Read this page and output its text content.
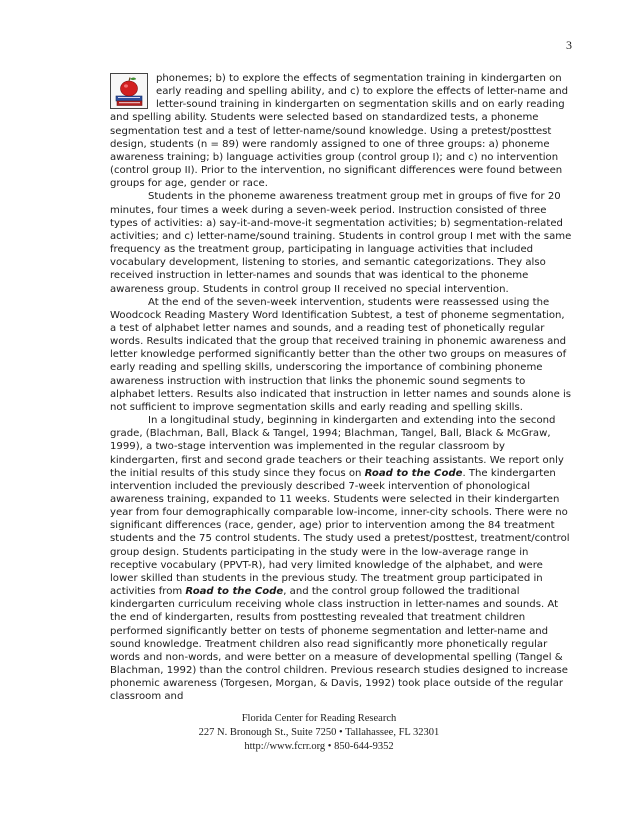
3

phonemes; b) to explore the effects of segmentation training in kindergarten on early reading and spelling ability, and c) to explore the effects of letter-name and letter-sound training in kindergarten on segmentation skills and on early reading and spelling ability. Students were selected based on standardized tests, a phoneme segmentation test and a test of letter-name/sound knowledge. Using a pretest/posttest design, students (n = 89) were randomly assigned to one of three groups: a) phoneme awareness training; b) language activities group (control group I); and c) no intervention (control group II). Prior to the intervention, no significant differences were found between groups for age, gender or race.

Students in the phoneme awareness treatment group met in groups of five for 20 minutes, four times a week during a seven-week period. Instruction consisted of three types of activities: a) say-it-and-move-it segmentation activities; b) segmentation-related activities; and c) letter-name/sound training. Students in control group I met with the same frequency as the treatment group, participating in language activities that included vocabulary development, listening to stories, and semantic categorizations. They also received instruction in letter-names and sounds that was identical to the phoneme awareness group. Students in control group II received no special intervention.

At the end of the seven-week intervention, students were reassessed using the Woodcock Reading Mastery Word Identification Subtest, a test of phoneme segmentation, a test of alphabet letter names and sounds, and a reading test of phonetically regular words. Results indicated that the group that received training in phonemic awareness and letter knowledge performed significantly better than the other two groups on measures of early reading and spelling skills, underscoring the importance of combining phoneme awareness instruction with instruction that links the phonemic sound segments to alphabet letters. Results also indicated that instruction in letter names and sounds alone is not sufficient to improve segmentation skills and early reading and spelling skills.

In a longitudinal study, beginning in kindergarten and extending into the second grade, (Blachman, Ball, Black & Tangel, 1994; Blachman, Tangel, Ball, Black & McGraw, 1999), a two-stage intervention was implemented in the regular classroom by kindergarten, first and second grade teachers or their teaching assistants. We report only the initial results of this study since they focus on Road to the Code. The kindergarten intervention included the previously described 7-week intervention of phonological awareness training, expanded to 11 weeks. Students were selected in their kindergarten year from four demographically comparable low-income, inner-city schools. There were no significant differences (race, gender, age) prior to intervention among the 84 treatment students and the 75 control students. The study used a pretest/posttest, treatment/control group design. Students participating in the study were in the low-average range in receptive vocabulary (PPVT-R), had very limited knowledge of the alphabet, and were lower skilled than students in the previous study. The treatment group participated in activities from Road to the Code, and the control group followed the traditional kindergarten curriculum receiving whole class instruction in letter-names and sounds. At the end of kindergarten, results from posttesting revealed that treatment children performed significantly better on tests of phoneme segmentation and letter-name and sound knowledge. Treatment children also read significantly more phonetically regular words and non-words, and were better on a measure of developmental spelling (Tangel & Blachman, 1992) than the control children. Previous research studies designed to increase phonemic awareness (Torgesen, Morgan, & Davis, 1992) took place outside of the regular classroom and

Florida Center for Reading Research
227 N. Bronough St., Suite 7250 • Tallahassee, FL 32301
http://www.fcrr.org • 850-644-9352
